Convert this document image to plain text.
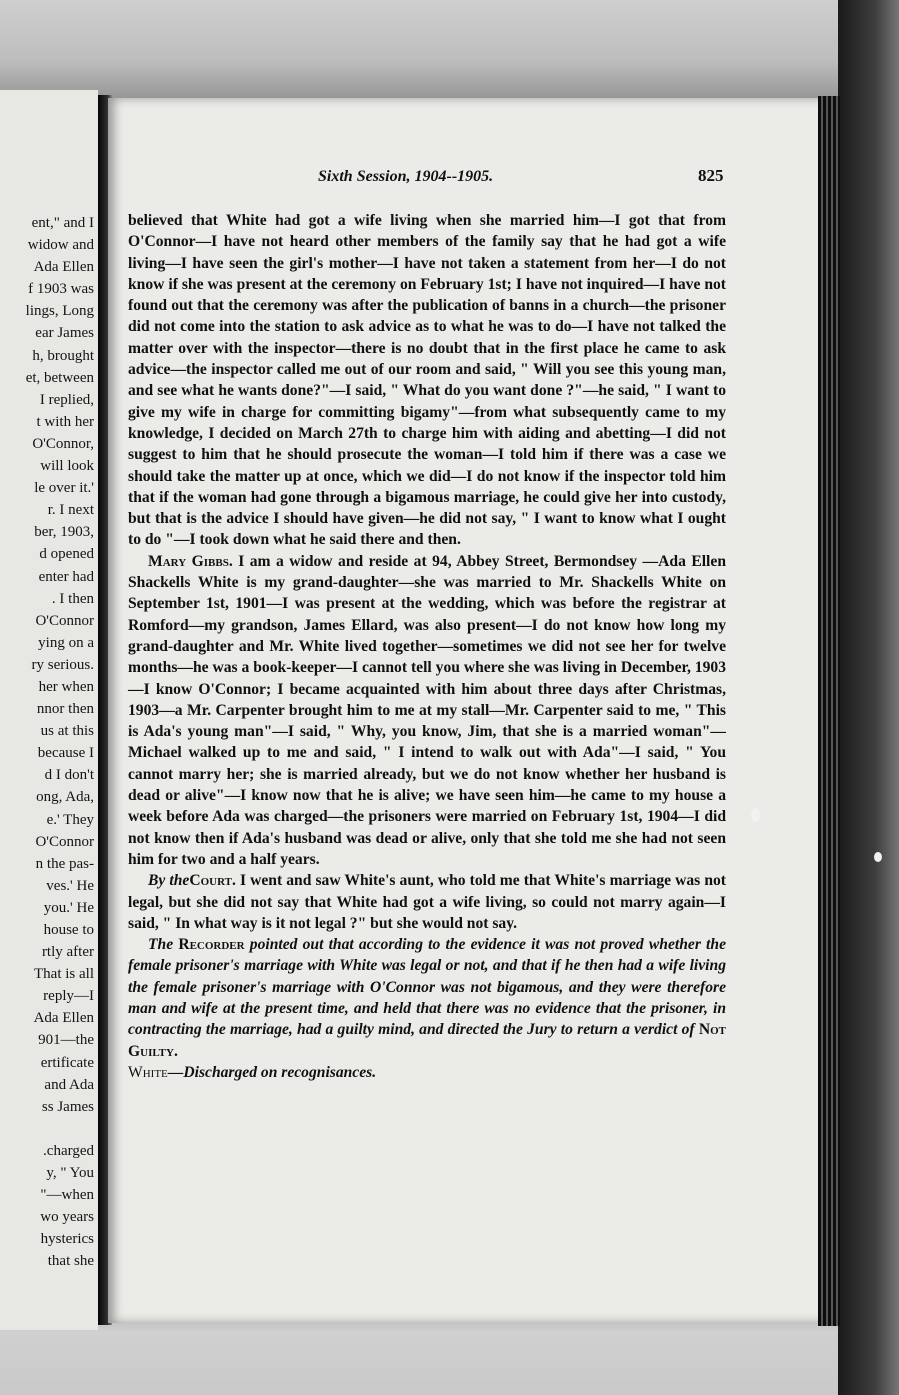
ent," and I
widow and
Ada Ellen
f 1903 was
lings, Long
ear James
h, brought
et, between
I replied,
t with her
O'Connor,
will look
le over it.'
r. I next
ber, 1903,
d opened
enter had
. I then
O'Connor
ying on a
ry serious.
her when
nnor then
us at this
because I
d I don't
ong, Ada,
e.' They
O'Connor
n the pas-
ves.' He
you.' He
house to
rtly after
That is all
reply—I
Ada Ellen
901—the
ertificate
and Ada
ss James
.charged
y, " You
"—when
wo years
hysterics
that she
Sixth Session, 1904--1905.	825

believed that White had got a wife living when she married him—I got that from O'Connor—I have not heard other members of the family say that he had got a wife living—I have seen the girl's mother—I have not taken a statement from her—I do not know if she was present at the ceremony on February 1st; I have not inquired—I have not found out that the ceremony was after the publication of banns in a church—the prisoner did not come into the station to ask advice as to what he was to do—I have not talked the matter over with the inspector—there is no doubt that in the first place he came to ask advice—the inspector called me out of our room and said, " Will you see this young man, and see what he wants done?"—I said, " What do you want done ?"—he said, " I want to give my wife in charge for committing bigamy"—from what subsequently came to my knowledge, I decided on March 27th to charge him with aiding and abetting—I did not suggest to him that he should prosecute the woman—I told him if there was a case we should take the matter up at once, which we did—I do not know if the inspector told him that if the woman had gone through a bigamous marriage, he could give her into custody, but that is the advice I should have given—he did not say, " I want to know what I ought to do "—I took down what he said there and then.

Mary Gibbs. I am a widow and reside at 94, Abbey Street, Bermondsey —Ada Ellen Shackells White is my grand-daughter—she was married to Mr. Shackells White on September 1st, 1901—I was present at the wedding, which was before the registrar at Romford—my grandson, James Ellard, was also present—I do not know how long my grand-daughter and Mr. White lived together—sometimes we did not see her for twelve months—he was a book-keeper—I cannot tell you where she was living in December, 1903—I know O'Connor; I became acquainted with him about three days after Christmas, 1903—a Mr. Carpenter brought him to me at my stall—Mr. Carpenter said to me, " This is Ada's young man"—I said, " Why, you know, Jim, that she is a married woman"—Michael walked up to me and said, " I intend to walk out with Ada"—I said, " You cannot marry her; she is married already, but we do not know whether her husband is dead or alive"—I know now that he is alive; we have seen him—he came to my house a week before Ada was charged—the prisoners were married on February 1st, 1904—I did not know then if Ada's husband was dead or alive, only that she told me she had not seen him for two and a half years.

By theCourt. I went and saw White's aunt, who told me that White's marriage was not legal, but she did not say that White had got a wife living, so could not marry again—I said, " In what way is it not legal ?" but she would not say.

The Recorder pointed out that according to the evidence it was not proved whether the female prisoner's marriage with White was legal or not, and that if he then had a wife living the female prisoner's marriage with O'Connor was not bigamous, and they were therefore man and wife at the present time, and held that there was no evidence that the prisoner, in contracting the marriage, had a guilty mind, and directed the Jury to return a verdict of Not Guilty.

White—Discharged on recognisances.
